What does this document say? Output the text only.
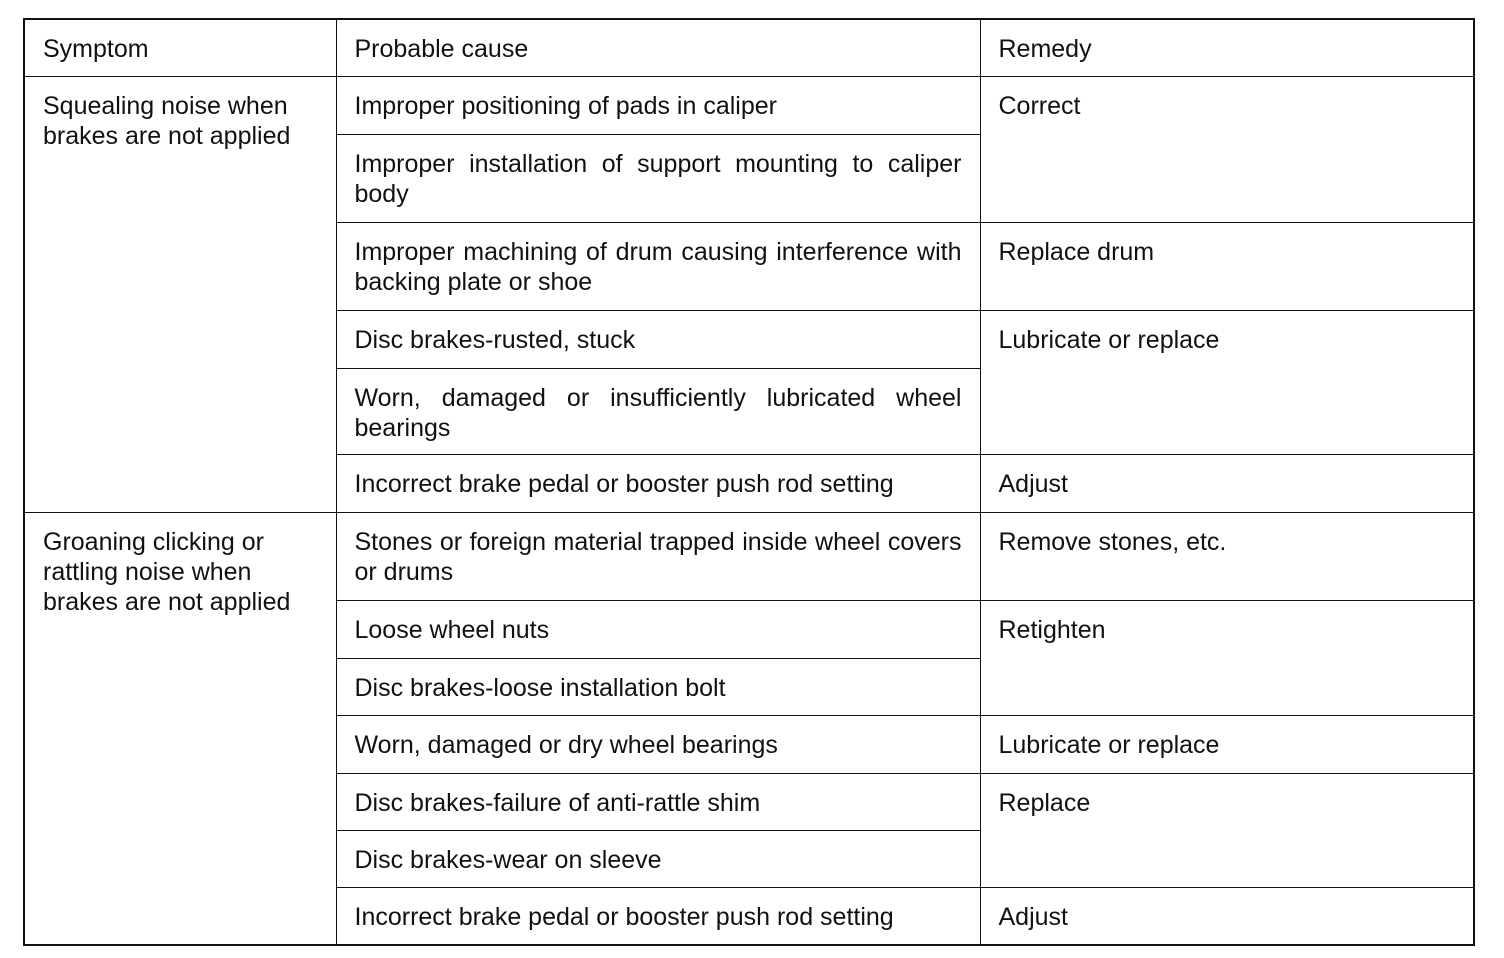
Symptom	Probable cause	Remedy
Squealing noise when brakes are not applied	Improper positioning of pads in caliper	Correct
	Improper installation of support mounting to caliper body	
	Improper machining of drum causing interference with backing plate or shoe	Replace drum
	Disc brakes-rusted, stuck	Lubricate or replace
	Worn, damaged or insufficiently lubricated wheel bearings	
	Incorrect brake pedal or booster push rod setting	Adjust
Groaning clicking or rattling noise when brakes are not applied	Stones or foreign material trapped inside wheel covers or drums	Remove stones, etc.
	Loose wheel nuts	Retighten
	Disc brakes-loose installation bolt	
	Worn, damaged or dry wheel bearings	Lubricate or replace
	Disc brakes-failure of anti-rattle shim	Replace
	Disc brakes-wear on sleeve	
	Incorrect brake pedal or booster push rod setting	Adjust
